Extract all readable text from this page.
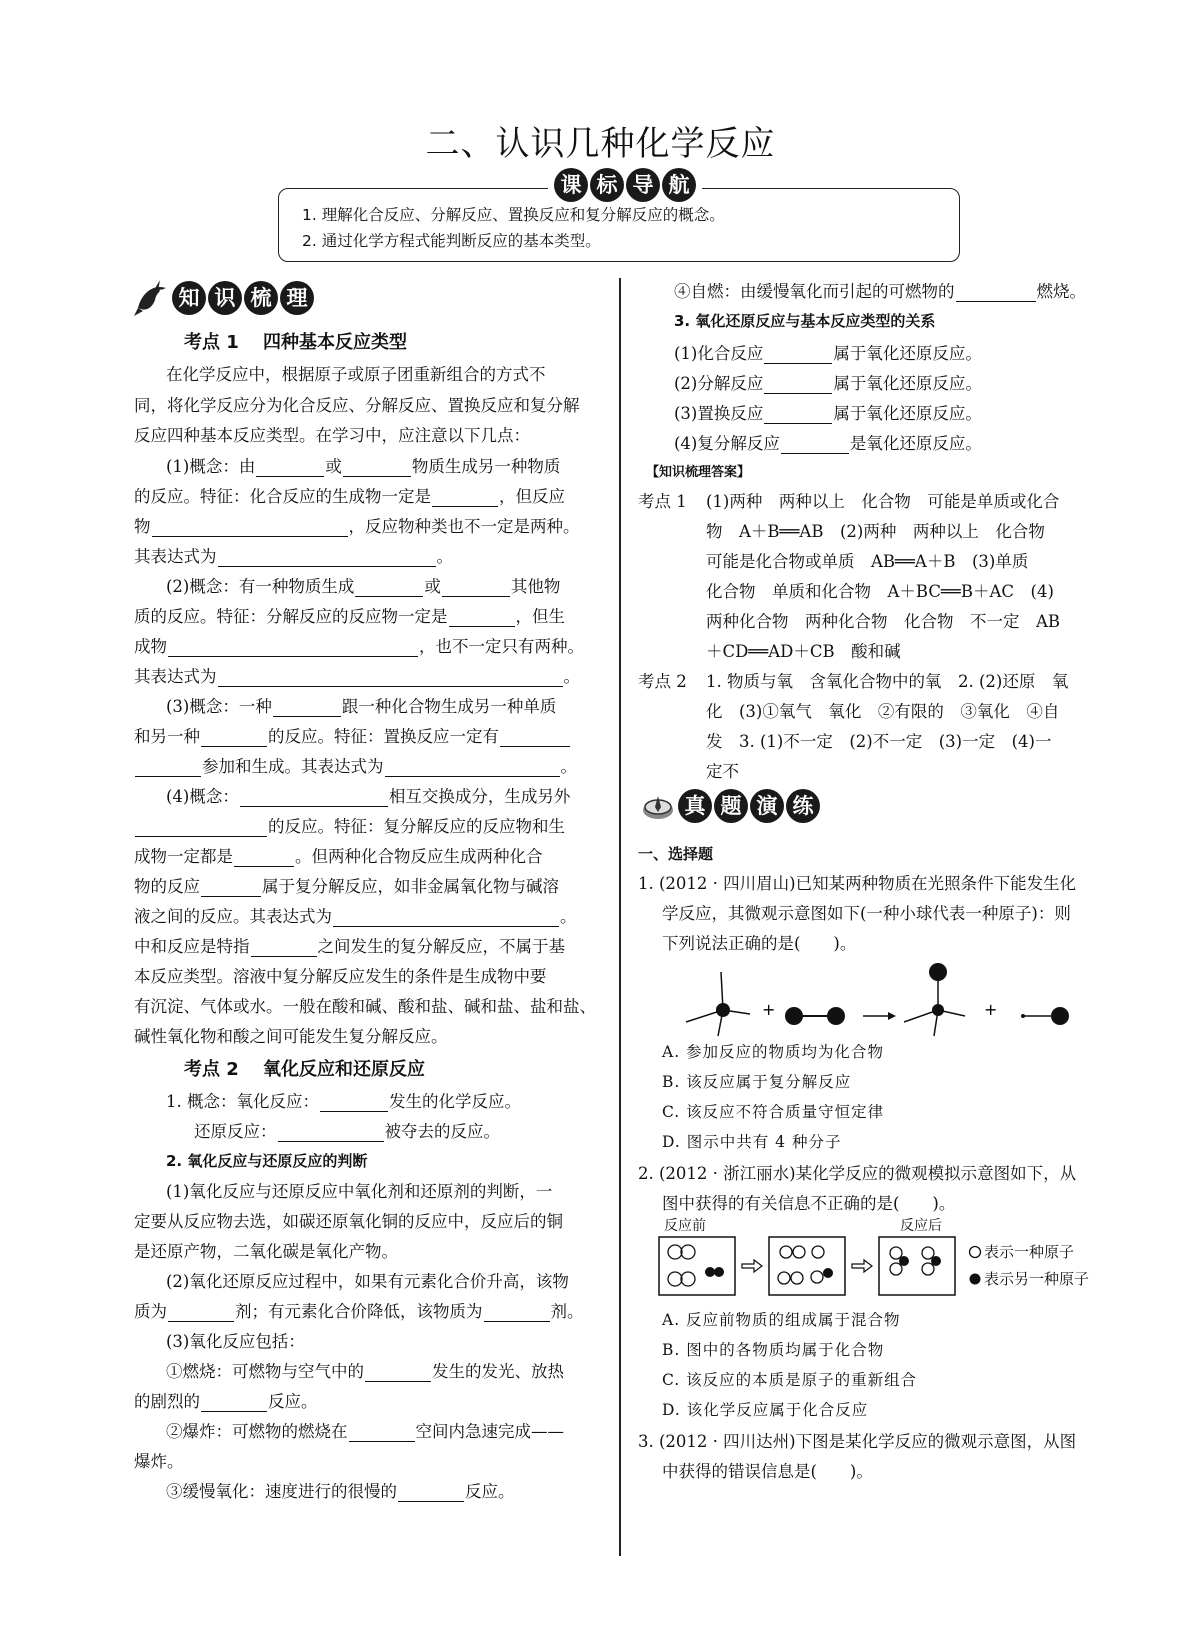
二、认识几种化学反应
课 标 导 航
1. 理解化合反应、分解反应、置换反应和复分解反应的概念。
2. 通过化学方程式能判断反应的基本类型。
知 识 梳 理
考点 1　 四种基本反应类型
在化学反应中，根据原子或原子团重新组合的方式不
同，将化学反应分为化合反应、分解反应、置换反应和复分解
反应四种基本反应类型。在学习中，应注意以下几点：
(1)概念：由	或	物质生成另一种物质
的反应。特征：化合反应的生成物一定是	，但反应
物	，反应物种类也不一定是两种。
其表达式为	。
(2)概念：有一种物质生成	或	其他物
质的反应。特征：分解反应的反应物一定是	，但生
成物	，也不一定只有两种。
其表达式为	。
(3)概念：一种	跟一种化合物生成另一种单质
和另一种	的反应。特征：置换反应一定有
参加和生成。其表达式为	。
(4)概念：	相互交换成分，生成另外
的反应。特征：复分解反应的反应物和生
成物一定都是	。但两种化合物反应生成两种化合
物的反应	属于复分解反应，如非金属氧化物与碱溶
液之间的反应。其表达式为	。
中和反应是特指	之间发生的复分解反应，不属于基
本反应类型。溶液中复分解反应发生的条件是生成物中要
有沉淀、气体或水。一般在酸和碱、酸和盐、碱和盐、盐和盐、
碱性氧化物和酸之间可能发生复分解反应。
考点 2　 氧化反应和还原反应
1. 概念：氧化反应：	发生的化学反应。
还原反应：	被夺去的反应。
2. 氧化反应与还原反应的判断
(1)氧化反应与还原反应中氧化剂和还原剂的判断，一
定要从反应物去选，如碳还原氧化铜的反应中，反应后的铜
是还原产物，二氧化碳是氧化产物。
(2)氧化还原反应过程中，如果有元素化合价升高，该物
质为	剂；有元素化合价降低，该物质为	剂。
(3)氧化反应包括：
①燃烧：可燃物与空气中的	发生的发光、放热
的剧烈的	反应。
②爆炸：可燃物的燃烧在	空间内急速完成——
爆炸。
③缓慢氧化：速度进行的很慢的	反应。
④自燃：由缓慢氧化而引起的可燃物的	燃烧。
3. 氧化还原反应与基本反应类型的关系
(1)化合反应	属于氧化还原反应。
(2)分解反应	属于氧化还原反应。
(3)置换反应	属于氧化还原反应。
(4)复分解反应	是氧化还原反应。
【知识梳理答案】
考点 1 (1)两种　两种以上　化合物　可能是单质或化合
物　A＋B══AB　(2)两种　两种以上　化合物
可能是化合物或单质　AB══A＋B　(3)单质
化合物　单质和化合物　A＋BC══B＋AC　(4)
两种化合物　两种化合物　化合物　不一定　AB
＋CD══AD＋CB　酸和碱
考点 2 1. 物质与氧　含氧化合物中的氧　2. (2)还原　氧
化　(3)①氧气　氧化　②有限的　③氧化　④自
发　3. (1)不一定　(2)不一定　(3)一定　(4)一
定不
真 题 演 练
一、选择题
1. (2012 · 四川眉山)已知某两种物质在光照条件下能发生化
学反应，其微观示意图如下(一种小球代表一种原子)：则
下列说法正确的是(　　)。
+	+
A. 参加反应的物质均为化合物
B. 该反应属于复分解反应
C. 该反应不符合质量守恒定律
D. 图示中共有 4 种分子
2. (2012 · 浙江丽水)某化学反应的微观模拟示意图如下，从
图中获得的有关信息不正确的是(　　)。
反应前	反应后
表示一种原子
表示另一种原子
A. 反应前物质的组成属于混合物
B. 图中的各物质均属于化合物
C. 该反应的本质是原子的重新组合
D. 该化学反应属于化合反应
3. (2012 · 四川达州)下图是某化学反应的微观示意图，从图
中获得的错误信息是(　　)。
